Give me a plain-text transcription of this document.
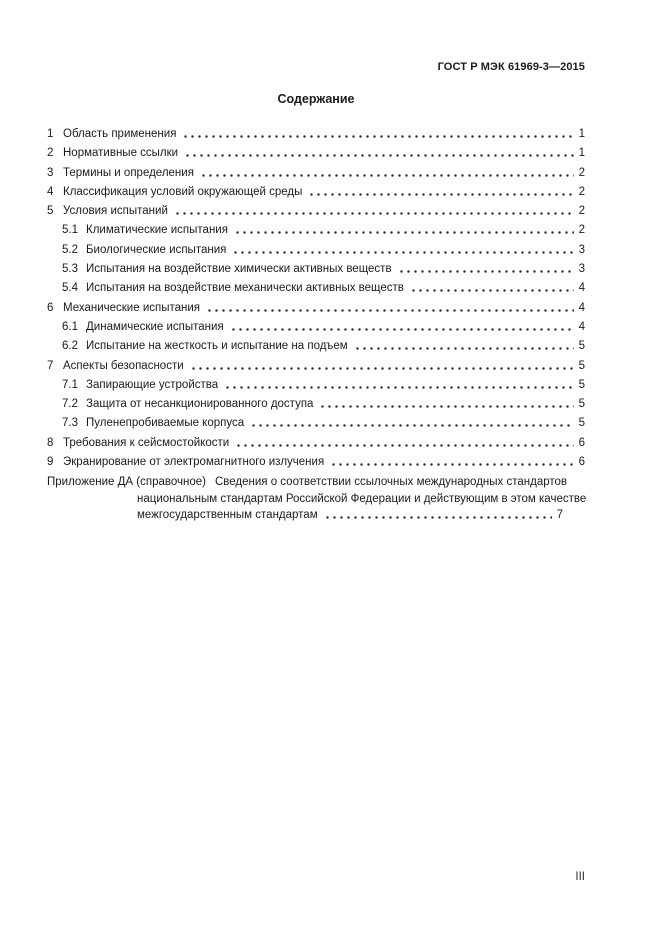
ГОСТ Р МЭК 61969-3—2015
Содержание
1 Область применения	1
2 Нормативные ссылки	1
3 Термины и определения	2
4 Классификация условий окружающей среды	2
5 Условия испытаний	2
5.1 Климатические испытания	2
5.2 Биологические испытания	3
5.3 Испытания на воздействие химически активных веществ	3
5.4 Испытания на воздействие механически активных веществ	4
6 Механические испытания	4
6.1 Динамические испытания	4
6.2 Испытание на жесткость и испытание на подъем	5
7 Аспекты безопасности	5
7.1 Запирающие устройства	5
7.2 Защита от несанкционированного доступа	5
7.3 Пуленепробиваемые корпуса	5
8 Требования к сейсмостойкости	6
9 Экранирование от электромагнитного излучения	6
Приложение ДА (справочное) Сведения о соответствии ссылочных международных стандартов
национальным стандартам Российской Федерации и действующим в этом качестве
межгосударственным стандартам	7
III
